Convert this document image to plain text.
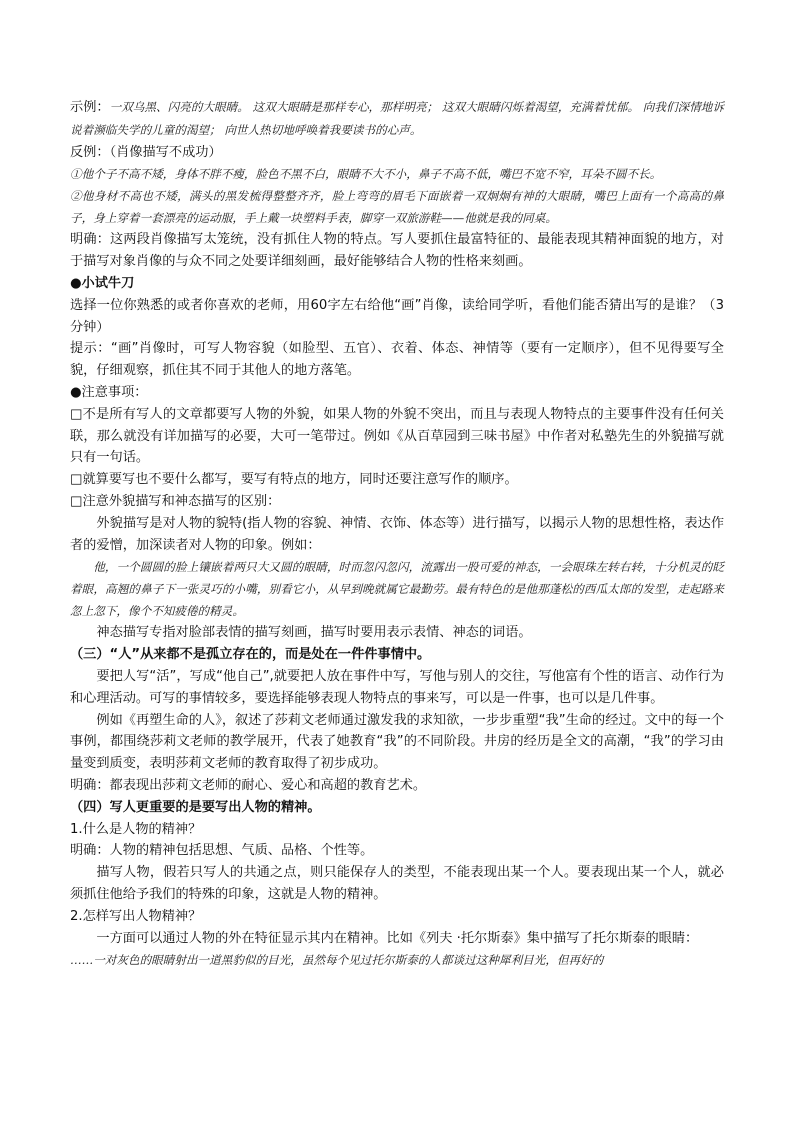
示例：一双乌黑、闪亮的大眼睛。 这双大眼睛是那样专心，那样明亮； 这双大眼睛闪烁着渴望，充满着忧郁。 向我们深情地诉说着濒临失学的儿童的渴望； 向世人热切地呼唤着我要读书的心声。

反例：（肖像描写不成功）

①他个子不高不矮，身体不胖不瘦，脸色不黑不白，眼睛不大不小，鼻子不高不低，嘴巴不宽不窄，耳朵不圆不长。

②他身材不高也不矮，满头的黑发梳得整整齐齐，脸上弯弯的眉毛下面嵌着一双炯炯有神的大眼睛，嘴巴上面有一个高高的鼻子，身上穿着一套漂亮的运动服，手上戴一块塑料手表，脚穿一双旅游鞋——他就是我的同桌。

明确：这两段肖像描写太笼统，没有抓住人物的特点。写人要抓住最富特征的、最能表现其精神面貌的地方，对于描写对象肖像的与众不同之处要详细刻画，最好能够结合人物的性格来刻画。

●小试牛刀

选择一位你熟悉的或者你喜欢的老师，用60字左右给他“画”肖像，读给同学听，看他们能否猜出写的是谁？（3分钟）

提示：“画”肖像时，可写人物容貌（如脸型、五官）、衣着、体态、神情等（要有一定顺序），但不见得要写全貌，仔细观察，抓住其不同于其他人的地方落笔。

●注意事项：

□不是所有写人的文章都要写人物的外貌，如果人物的外貌不突出，而且与表现人物特点的主要事件没有任何关联，那么就没有详加描写的必要，大可一笔带过。例如《从百草园到三味书屋》中作者对私塾先生的外貌描写就只有一句话。

□就算要写也不要什么都写，要写有特点的地方，同时还要注意写作的顺序。

□注意外貌描写和神态描写的区别：

外貌描写是对人物的貌特(指人物的容貌、神情、衣饰、体态等）进行描写，以揭示人物的思想性格，表达作者的爱憎，加深读者对人物的印象。例如：

他，一个圆圆的脸上镶嵌着两只大又圆的眼睛，时而忽闪忽闪，流露出一股可爱的神态，一会眼珠左转右转，十分机灵的眨着眼，高翘的鼻子下一张灵巧的小嘴，别看它小，从早到晚就属它最勤劳。最有特色的是他那蓬松的西瓜太郎的发型，走起路来忽上忽下，像个不知疲倦的精灵。

神态描写专指对脸部表情的描写刻画，描写时要用表示表情、神态的词语。

（三）“人”从来都不是孤立存在的，而是处在一件件事情中。

要把人写“活”，写成“他自己”,就要把人放在事件中写，写他与别人的交往，写他富有个性的语言、动作行为和心理活动。可写的事情较多，要选择能够表现人物特点的事来写，可以是一件事，也可以是几件事。

例如《再塑生命的人》，叙述了莎莉文老师通过激发我的求知欲，一步步重塑“我”生命的经过。文中的每一个事例，都围绕莎莉文老师的教学展开，代表了她教育“我”的不同阶段。井房的经历是全文的高潮，“我”的学习由量变到质变，表明莎莉文老师的教育取得了初步成功。

明确：都表现出莎莉文老师的耐心、爱心和高超的教育艺术。

（四）写人更重要的是要写出人物的精神。

1.什么是人物的精神？

明确：人物的精神包括思想、气质、品格、个性等。

描写人物，假若只写人的共通之点，则只能保存人的类型，不能表现出某一个人。要表现出某一个人，就必须抓住他给予我们的特殊的印象，这就是人物的精神。

2.怎样写出人物精神？

一方面可以通过人物的外在特征显示其内在精神。比如《列夫 ·托尔斯泰》集中描写了托尔斯泰的眼睛：

……一对灰色的眼睛射出一道黑豹似的目光，虽然每个见过托尔斯泰的人都谈过这种犀利目光，但再好的
